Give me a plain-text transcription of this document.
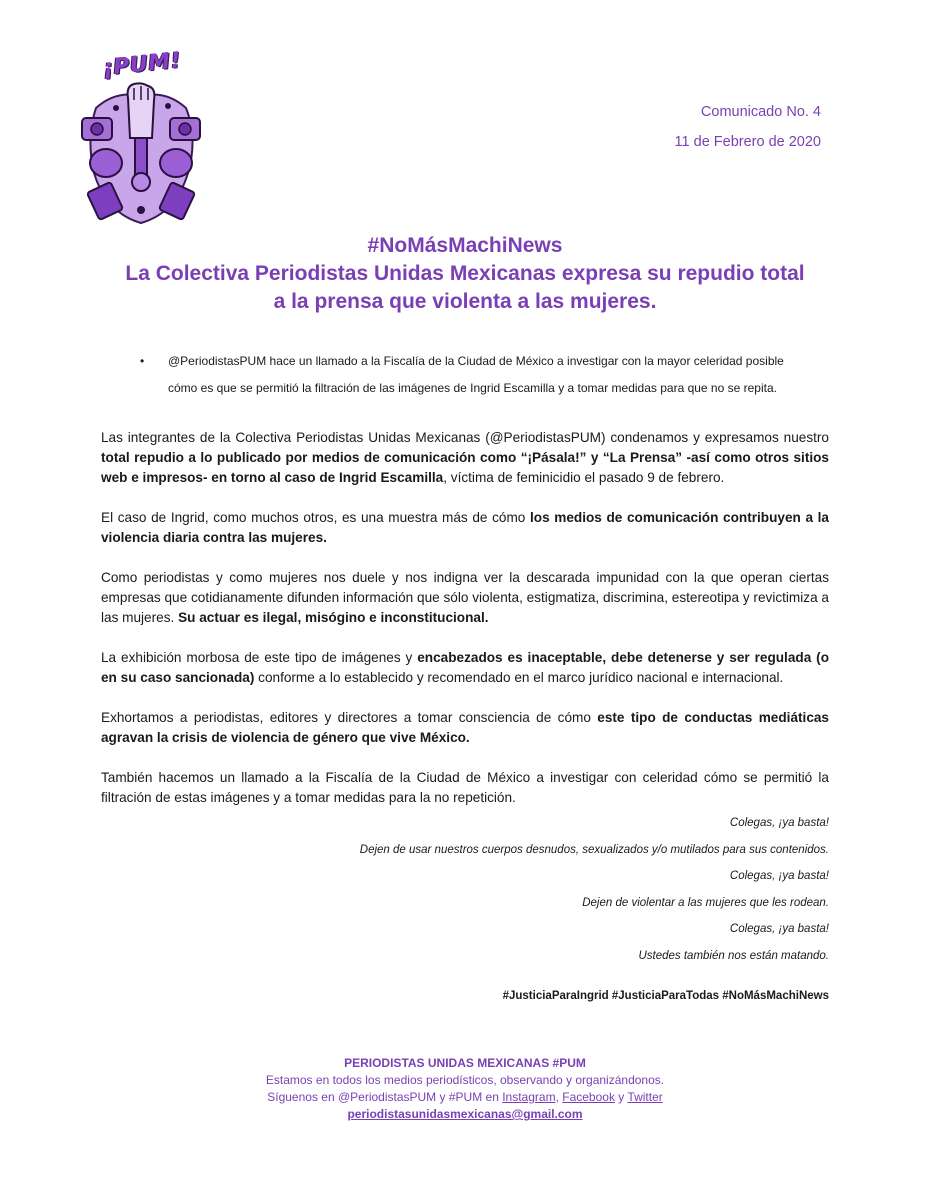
¡PUM!
Comunicado No. 4
11 de Febrero de 2020
#NoMásMachiNews
La Colectiva Periodistas Unidas Mexicanas expresa su repudio total
a la prensa que violenta a las mujeres.
• @PeriodistasPUM hace un llamado a la Fiscalía de la Ciudad de México a investigar con la mayor celeridad posible
cómo es que se permitió la filtración de las imágenes de Ingrid Escamilla y a tomar medidas para que no se repita.

Las integrantes de la Colectiva Periodistas Unidas Mexicanas (@PeriodistasPUM) condenamos y expresamos nuestro total repudio a lo publicado por medios de comunicación como “¡Pásala!” y “La Prensa” -así como otros sitios web e impresos- en torno al caso de Ingrid Escamilla, víctima de feminicidio el pasado 9 de febrero.

El caso de Ingrid, como muchos otros, es una muestra más de cómo los medios de comunicación contribuyen a la violencia diaria contra las mujeres.

Como periodistas y como mujeres nos duele y nos indigna ver la descarada impunidad con la que operan ciertas empresas que cotidianamente difunden información que sólo violenta, estigmatiza, discrimina, estereotipa y revictimiza a las mujeres. Su actuar es ilegal, misógino e inconstitucional.

La exhibición morbosa de este tipo de imágenes y encabezados es inaceptable, debe detenerse y ser regulada (o en su caso sancionada) conforme a lo establecido y recomendado en el marco jurídico nacional e internacional.

Exhortamos a periodistas, editores y directores a tomar consciencia de cómo este tipo de conductas mediáticas agravan la crisis de violencia de género que vive México.

También hacemos un llamado a la Fiscalía de la Ciudad de México a investigar con celeridad cómo se permitió la filtración de estas imágenes y a tomar medidas para la no repetición.

Colegas, ¡ya basta!
Dejen de usar nuestros cuerpos desnudos, sexualizados y/o mutilados para sus contenidos.
Colegas, ¡ya basta!
Dejen de violentar a las mujeres que les rodean.
Colegas, ¡ya basta!
Ustedes también nos están matando.
#JusticiaParaIngrid #JusticiaParaTodas #NoMásMachiNews
PERIODISTAS UNIDAS MEXICANAS #PUM
Estamos en todos los medios periodísticos, observando y organizándonos.
Síguenos en @PeriodistasPUM y #PUM en Instagram, Facebook y Twitter
periodistasunidasmexicanas@gmail.com
